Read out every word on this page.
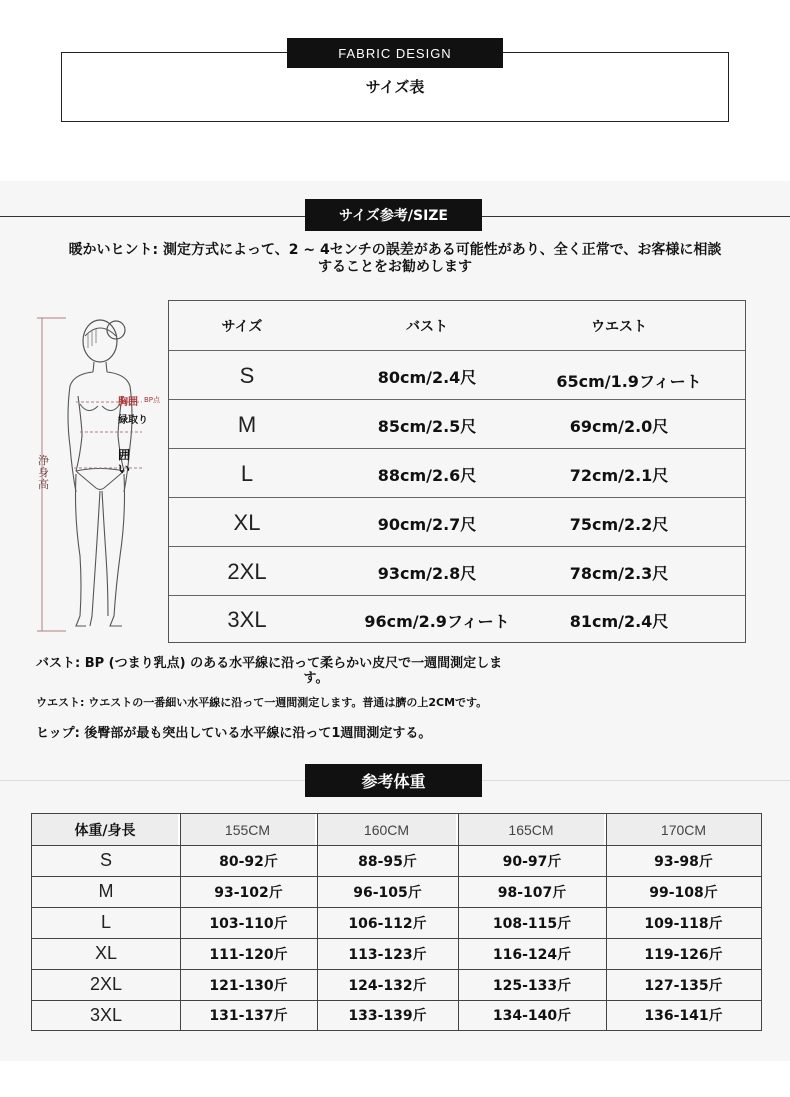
FABRIC DESIGN
サイズ表
サイズ参考/SIZE
暖かいヒント: 測定方式によって、2 ~ 4センチの誤差がある可能性があり、全く正常で、お客様に相談
することをお勧めします
浄身高
胸囲 BP点
緑取り
囲い
サイズ	バスト	ウエスト
S	80cm/2.4尺	65cm/1.9フィート
M	85cm/2.5尺	69cm/2.0尺
L	88cm/2.6尺	72cm/2.1尺
XL	90cm/2.7尺	75cm/2.2尺
2XL	93cm/2.8尺	78cm/2.3尺
3XL	96cm/2.9フィート	81cm/2.4尺
バスト: BP (つまり乳点) のある水平線に沿って柔らかい皮尺で一週間測定しま
す。
ウエスト: ウエストの一番細い水平線に沿って一週間測定します。普通は臍の上2CMです。
ヒップ: 後臀部が最も突出している水平線に沿って1週間測定する。
参考体重
体重/身長	155CM	160CM	165CM	170CM
S	80-92斤	88-95斤	90-97斤	93-98斤
M	93-102斤	96-105斤	98-107斤	99-108斤
L	103-110斤	106-112斤	108-115斤	109-118斤
XL	111-120斤	113-123斤	116-124斤	119-126斤
2XL	121-130斤	124-132斤	125-133斤	127-135斤
3XL	131-137斤	133-139斤	134-140斤	136-141斤
